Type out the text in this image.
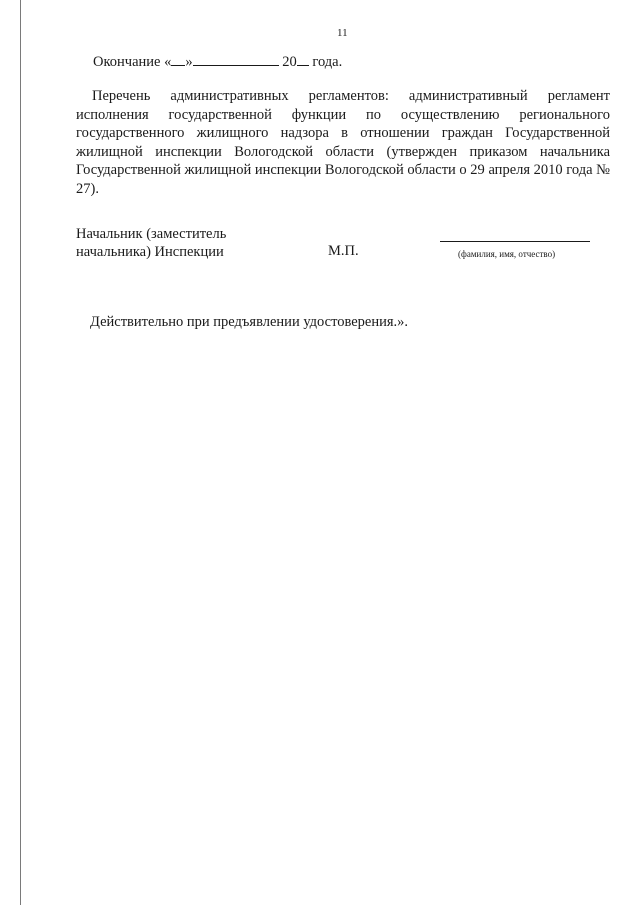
11
Окончание « »	20 года.
Перечень административных регламентов: административный регламент исполнения государственной функции по осуществлению регионального государственного жилищного надзора в отношении граждан Государственной жилищной инспекции Вологодской области (утвержден приказом начальника Государственной жилищной инспекции Вологодской области о 29 апреля 2010 года № 27).
Начальник (заместитель
начальника) Инспекции	М.П.	(фамилия, имя, отчество)
Действительно при предъявлении удостоверения.».
